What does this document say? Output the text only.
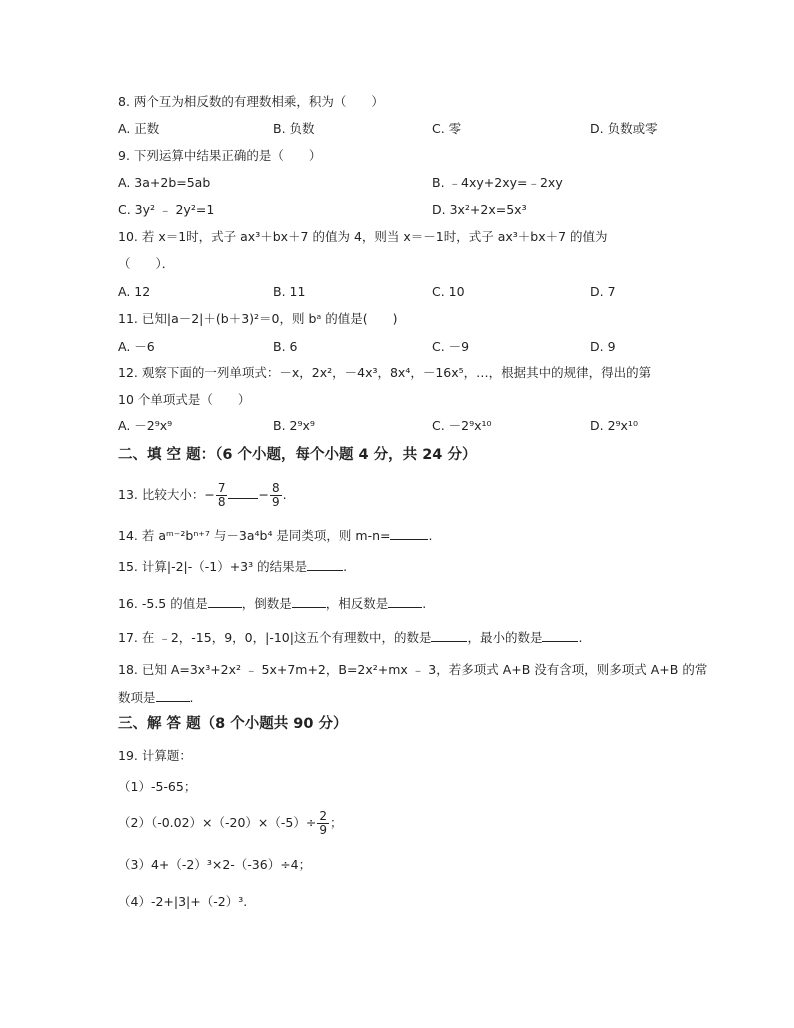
8. 两个互为相反数的有理数相乘，积为（　　）
A. 正数	B. 负数	C. 零	D. 负数或零
9. 下列运算中结果正确的是（　　）
A. 3a+2b=5ab	B. ﹣4xy+2xy=﹣2xy
C. 3y² ﹣ 2y²=1	D. 3x²+2x=5x³
10. 若 x＝1时，式子 ax³＋bx＋7 的值为 4，则当 x＝－1时，式子 ax³＋bx＋7 的值为
（　　）．
A. 12	B. 11	C. 10	D. 7
11. 已知|a－2|＋(b＋3)²＝0，则 bᵃ 的值是(　　)
A. －6	B. 6	C. －9	D. 9
12. 观察下面的一列单项式：－x，2x²，－4x³，8x⁴，－16x⁵，…，根据其中的规律，得出的第
10 个单项式是（　　）
A. －2⁹x⁹	B. 2⁹x⁹	C. －2⁹x¹⁰	D. 2⁹x¹⁰
二、填 空 题：（6 个小题，每个小题 4 分，共 24 分）
13. 比较大小：− $\frac{7}{8} - \frac{8}{9}$ .
14. 若 aᵐ⁻²bⁿ⁺⁷ 与－3a⁴b⁴ 是同类项，则 m-n=	.
15. 计算|-2|-（-1）+3³ 的结果是	.
16. -5.5 的值是	，倒数是	，相反数是	.
17. 在 ﹣2，-15，9，0，|-10|这五个有理数中，的数是	，最小的数是	.
18. 已知 A=3x³+2x² ﹣ 5x+7m+2，B=2x²+mx ﹣ 3，若多项式 A+B 没有含项，则多项式 A+B 的常
数项是	.
三、解 答 题（8 个小题共 90 分）
19. 计算题：
（1）-5-65；
$(2)(-0.02)\times(-20)\times(-5)\div \frac{2}{9}$ ；
（3）4+（-2）³×2-（-36）÷4；
（4）-2+|3|+（-2）³.
